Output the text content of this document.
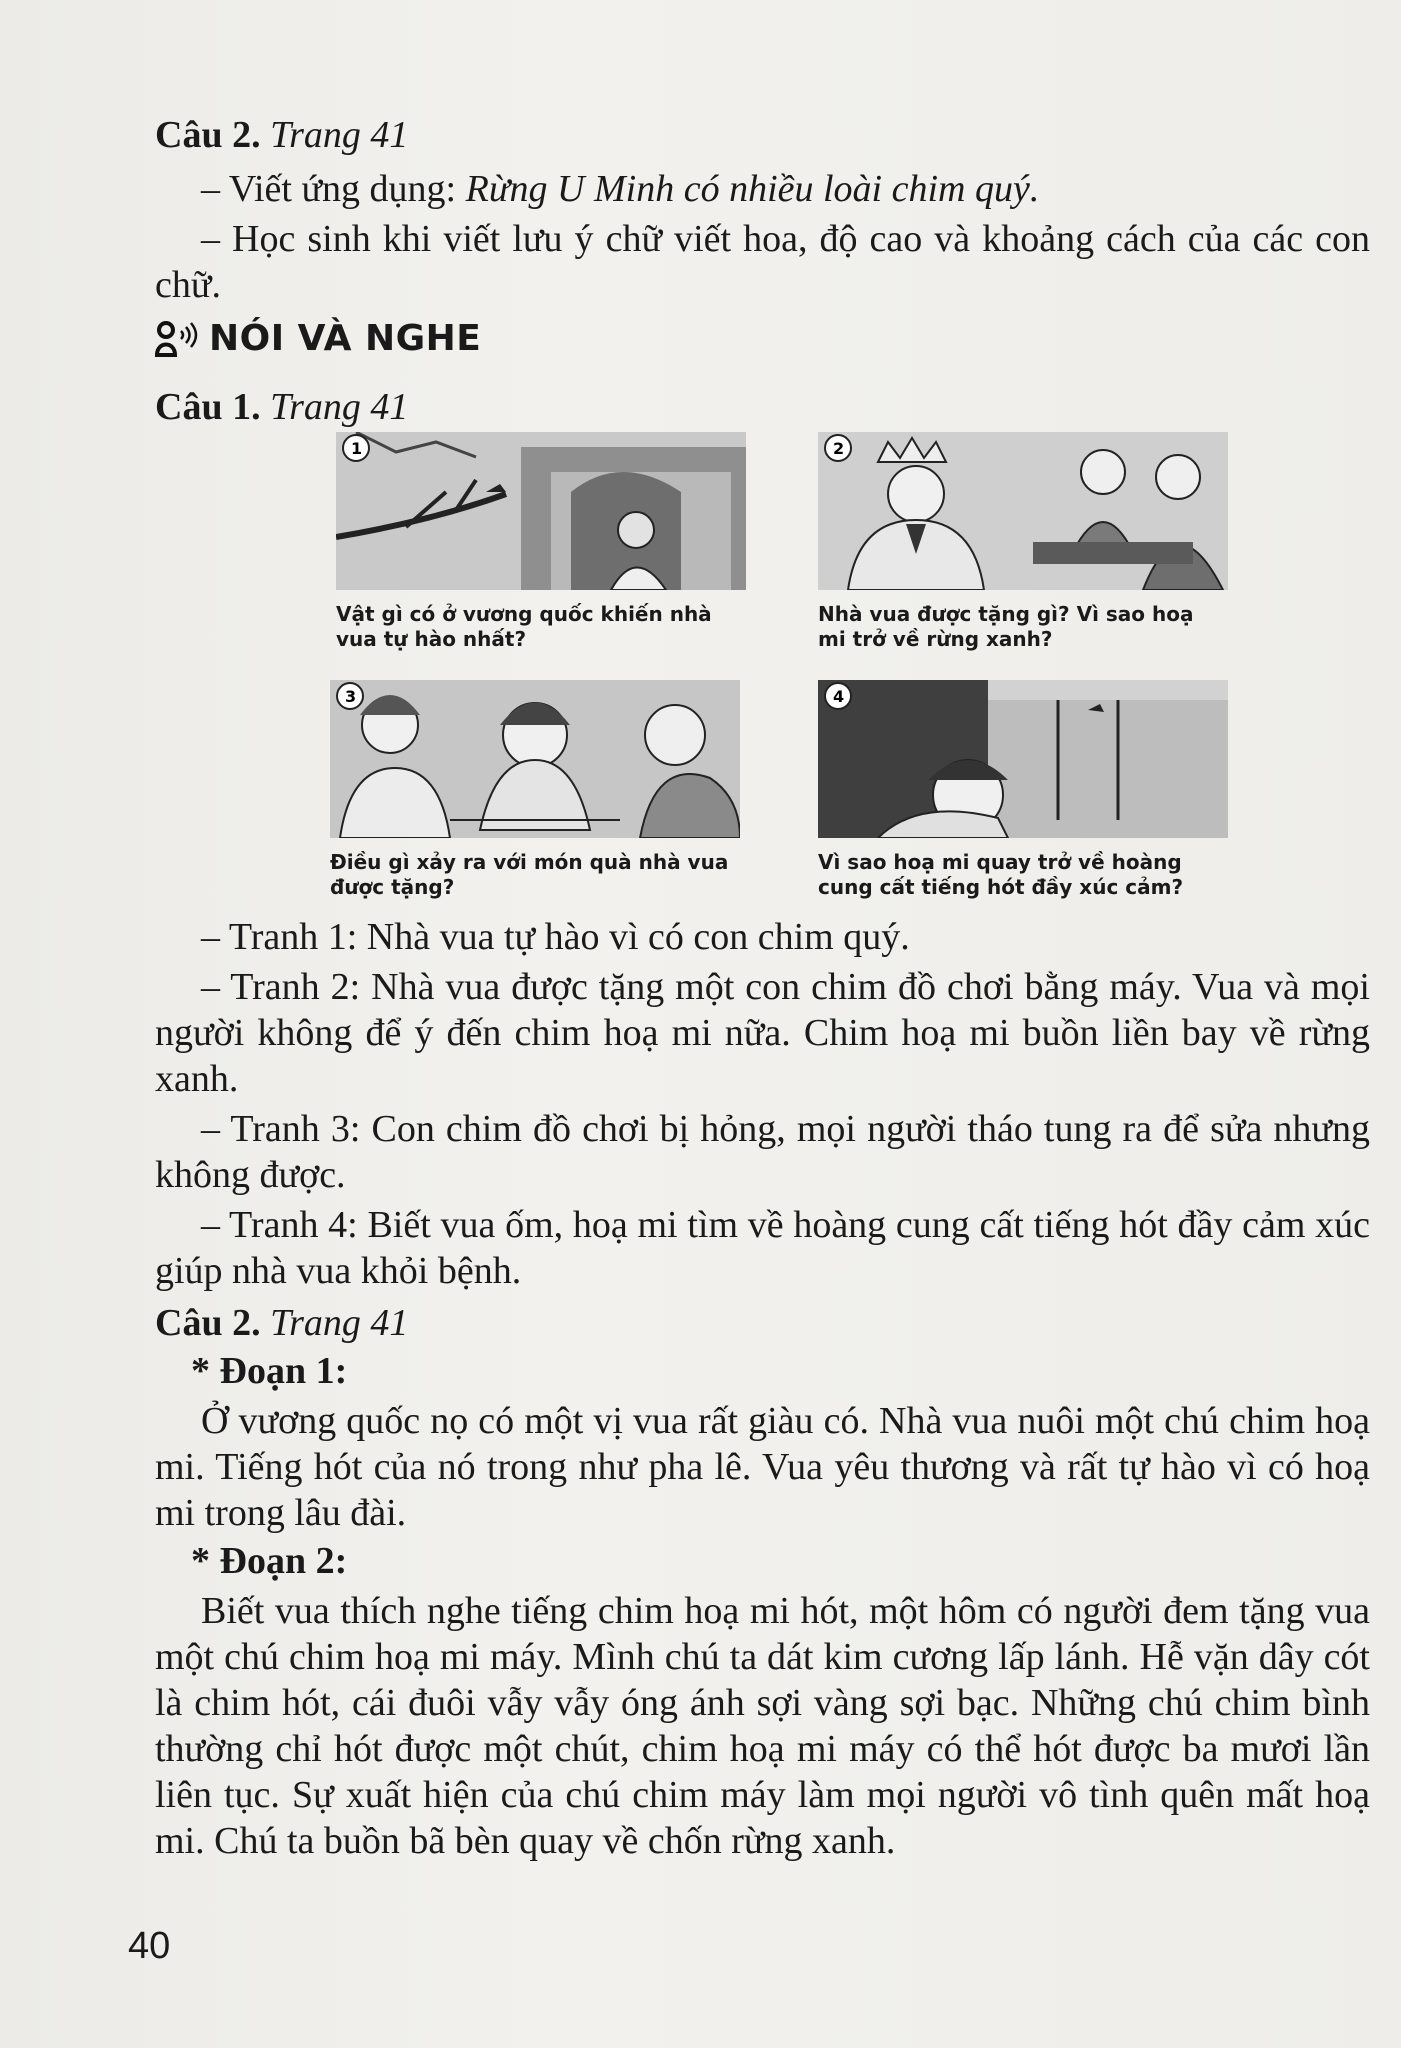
Câu 2. Trang 41

– Viết ứng dụng: Rừng U Minh có nhiều loài chim quý.

– Học sinh khi viết lưu ý chữ viết hoa, độ cao và khoảng cách của các con chữ.

NÓI VÀ NGHE

Câu 1. Trang 41

1
Vật gì có ở vương quốc khiến nhà vua tự hào nhất?
2
Nhà vua được tặng gì? Vì sao hoạ mi trở về rừng xanh?
3
Điều gì xảy ra với món quà nhà vua được tặng?
4
Vì sao hoạ mi quay trở về hoàng cung cất tiếng hót đầy xúc cảm?

– Tranh 1: Nhà vua tự hào vì có con chim quý.

– Tranh 2: Nhà vua được tặng một con chim đồ chơi bằng máy. Vua và mọi người không để ý đến chim hoạ mi nữa. Chim hoạ mi buồn liền bay về rừng xanh.

– Tranh 3: Con chim đồ chơi bị hỏng, mọi người tháo tung ra để sửa nhưng không được.

– Tranh 4: Biết vua ốm, hoạ mi tìm về hoàng cung cất tiếng hót đầy cảm xúc giúp nhà vua khỏi bệnh.

Câu 2. Trang 41

* Đoạn 1:

Ở vương quốc nọ có một vị vua rất giàu có. Nhà vua nuôi một chú chim hoạ mi. Tiếng hót của nó trong như pha lê. Vua yêu thương và rất tự hào vì có hoạ mi trong lâu đài.

* Đoạn 2:

Biết vua thích nghe tiếng chim hoạ mi hót, một hôm có người đem tặng vua một chú chim hoạ mi máy. Mình chú ta dát kim cương lấp lánh. Hễ vặn dây cót là chim hót, cái đuôi vẫy vẫy óng ánh sợi vàng sợi bạc. Những chú chim bình thường chỉ hót được một chút, chim hoạ mi máy có thể hót được ba mươi lần liên tục. Sự xuất hiện của chú chim máy làm mọi người vô tình quên mất hoạ mi. Chú ta buồn bã bèn quay về chốn rừng xanh.

40
